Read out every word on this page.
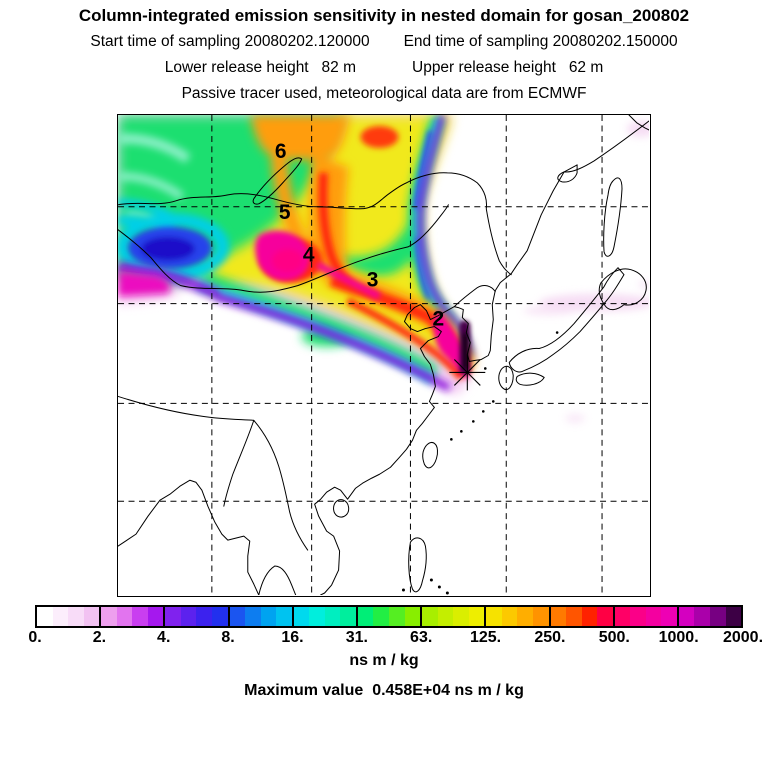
Column-integrated emission sensitivity in nested domain for gosan_200802
Start time of sampling 20080202.120000 End time of sampling 20080202.150000
Lower release height   82 m	Upper release height   62 m
Passive tracer used, meteorological data are from ECMWF
6
5
4
3
2
0.	2.	4.	8.	16.	31.	63. 125. 250. 500. 1000. 2000.
ns m / kg
Maximum value  0.458E+04 ns m / kg
